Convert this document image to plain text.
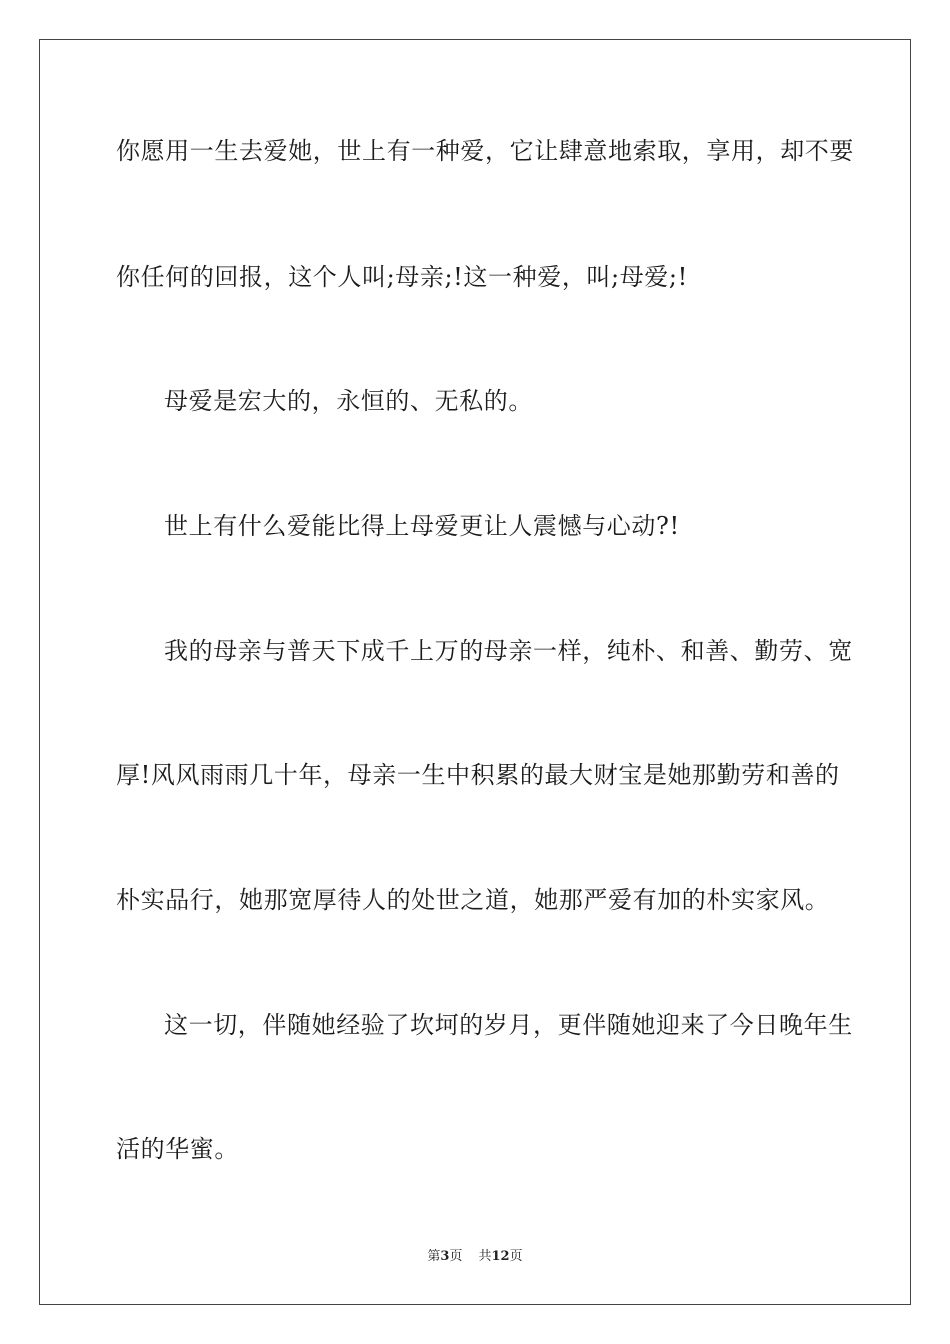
你愿用一生去爱她，世上有一种爱，它让肆意地索取，享用，却不要

你任何的回报，这个人叫;母亲;!这一种爱，叫;母爱;!

母爱是宏大的，永恒的、无私的。

世上有什么爱能比得上母爱更让人震憾与心动?!

我的母亲与普天下成千上万的母亲一样，纯朴、和善、勤劳、宽

厚!风风雨雨几十年，母亲一生中积累的最大财宝是她那勤劳和善的

朴实品行，她那宽厚待人的处世之道，她那严爱有加的朴实家风。

这一切，伴随她经验了坎坷的岁月，更伴随她迎来了今日晚年生

活的华蜜。

第3页 共12页
